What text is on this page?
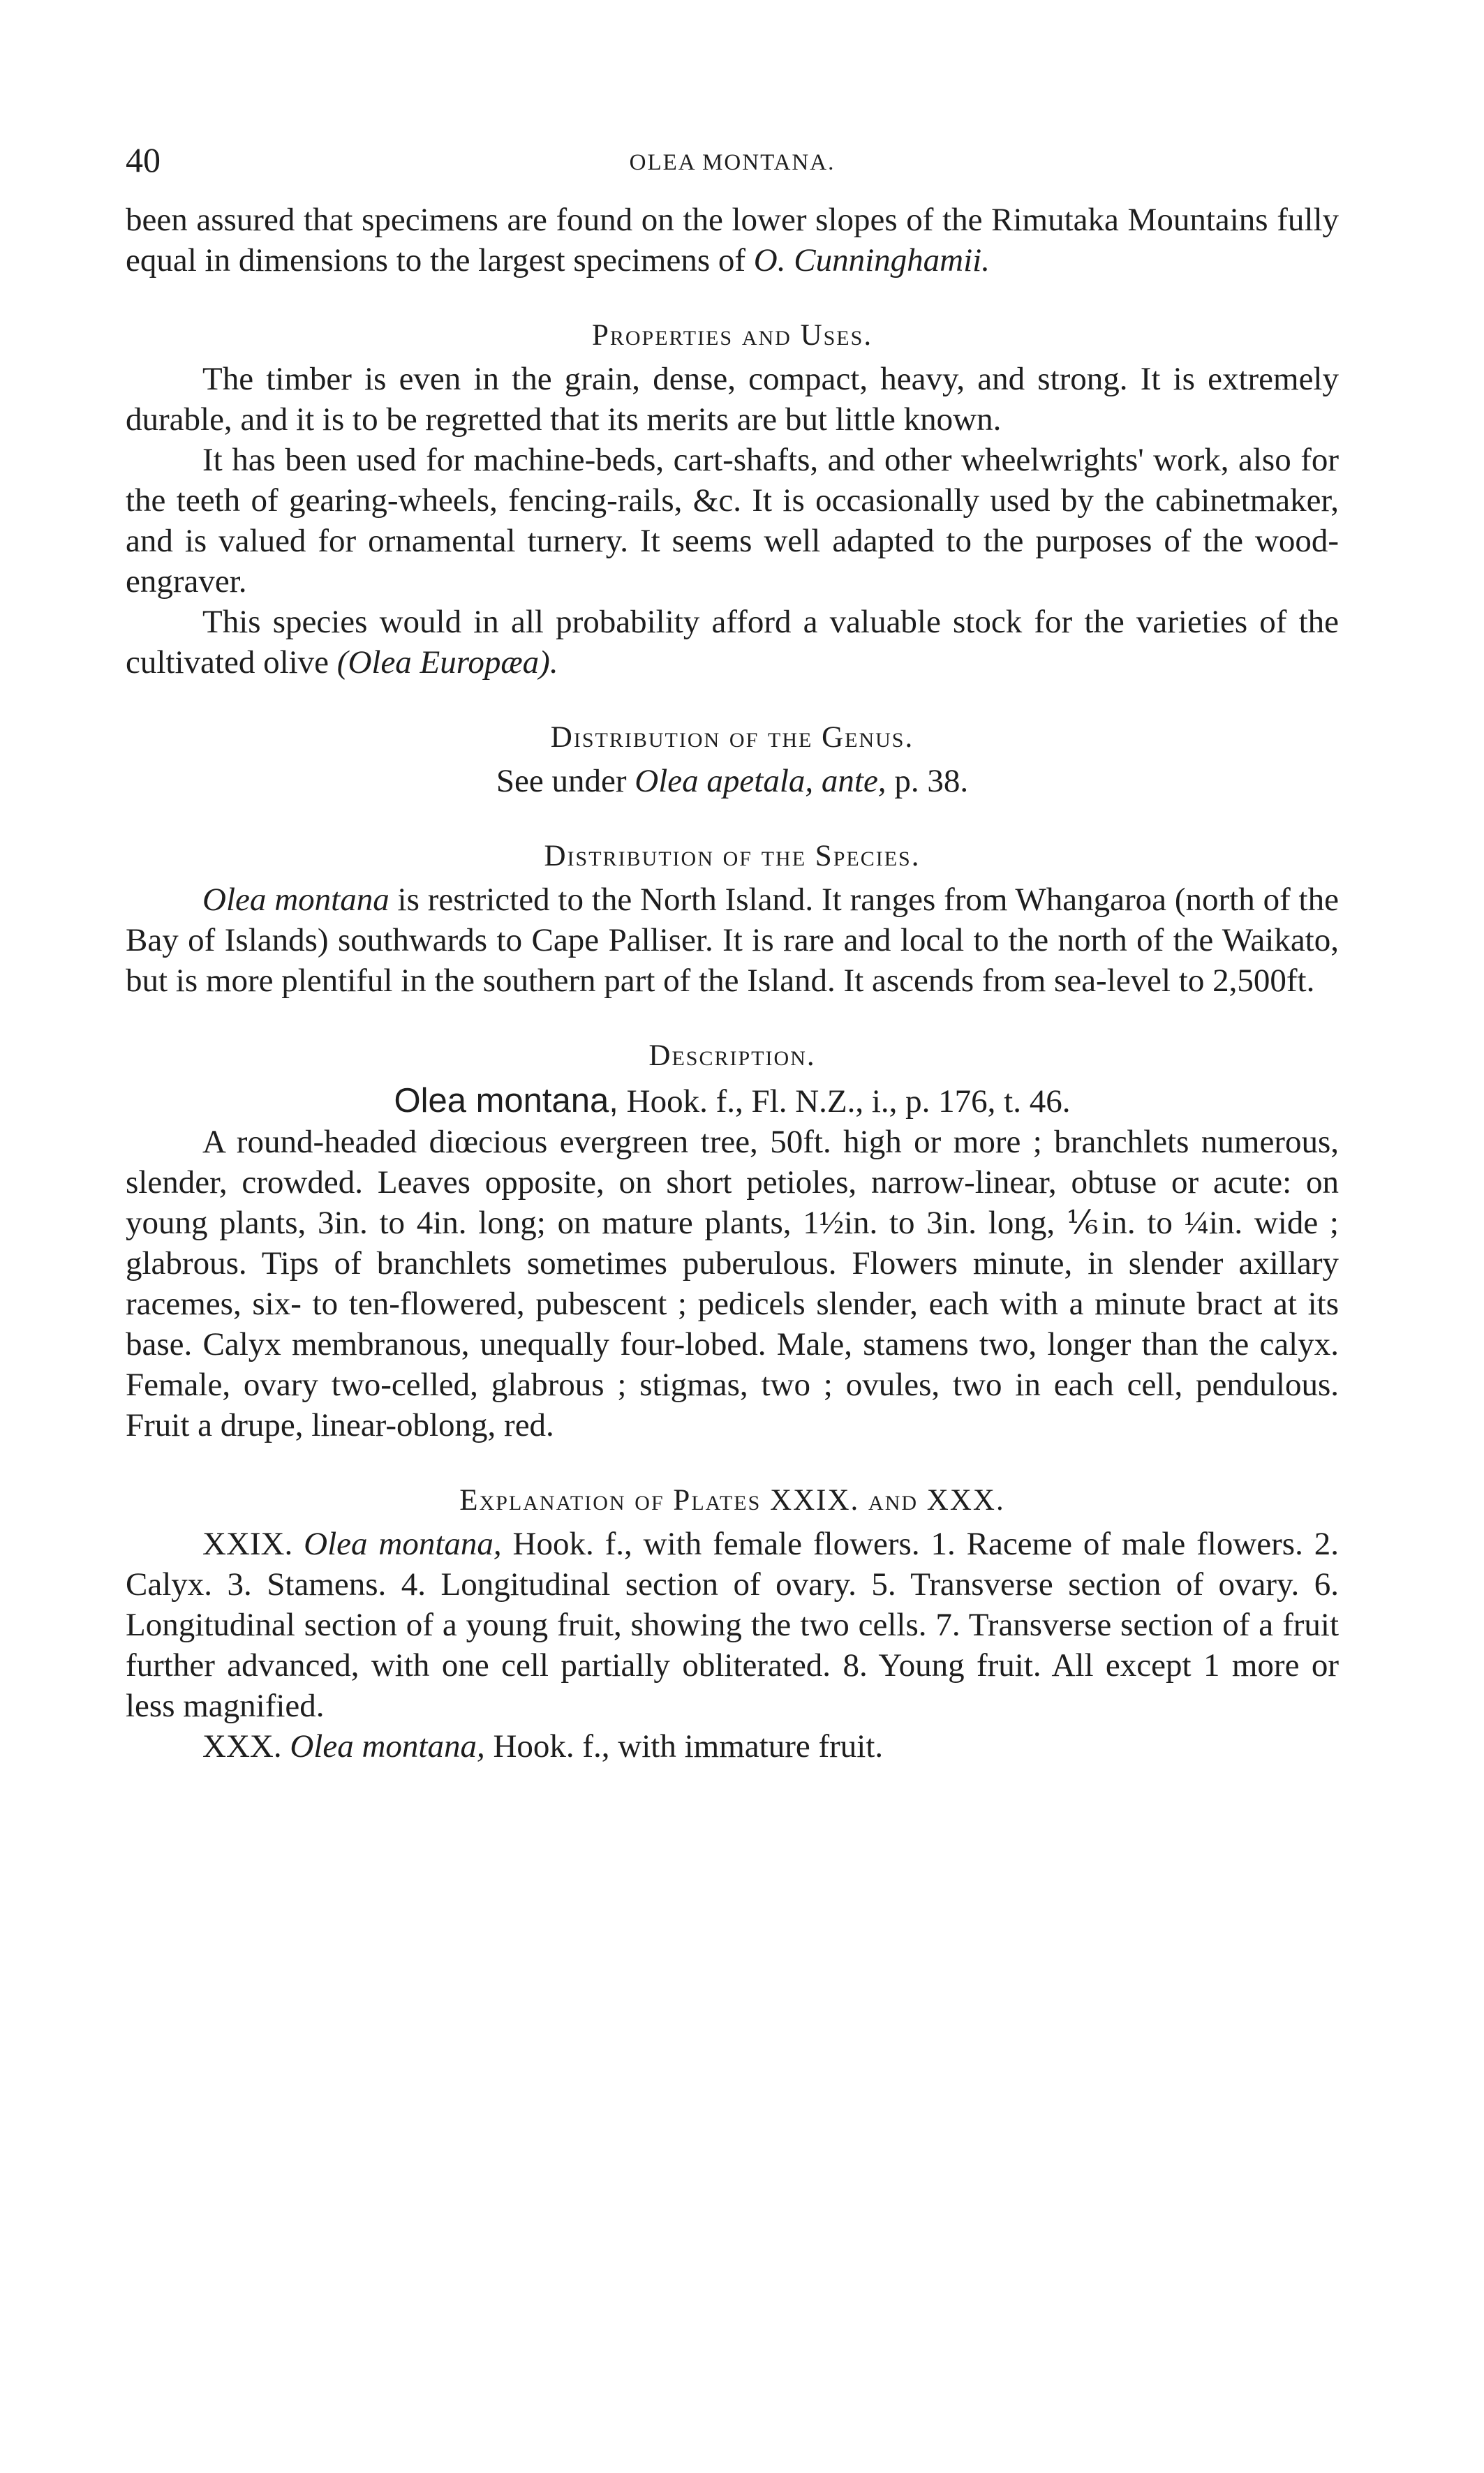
40	OLEA MONTANA.

been assured that specimens are found on the lower slopes of the Rimutaka Mountains fully equal in dimensions to the largest specimens of O. Cunninghamii.

Properties and Uses.

The timber is even in the grain, dense, compact, heavy, and strong. It is extremely durable, and it is to be regretted that its merits are but little known.

It has been used for machine-beds, cart-shafts, and other wheelwrights' work, also for the teeth of gearing-wheels, fencing-rails, &c. It is occasionally used by the cabinetmaker, and is valued for ornamental turnery. It seems well adapted to the purposes of the wood-engraver.

This species would in all probability afford a valuable stock for the varieties of the cultivated olive (Olea Europæa).

Distribution of the Genus.
See under Olea apetala, ante, p. 38.
Distribution of the Species.

Olea montana is restricted to the North Island. It ranges from Whangaroa (north of the Bay of Islands) southwards to Cape Palliser. It is rare and local to the north of the Waikato, but is more plentiful in the southern part of the Island. It ascends from sea-level to 2,500ft.

Description.
Olea montana, Hook. f., Fl. N.Z., i., p. 176, t. 46.

A round-headed diœcious evergreen tree, 50ft. high or more ; branchlets numerous, slender, crowded. Leaves opposite, on short petioles, narrow-linear, obtuse or acute: on young plants, 3in. to 4in. long; on mature plants, 1½in. to 3in. long, ⅙in. to ¼in. wide ; glabrous. Tips of branchlets sometimes puberulous. Flowers minute, in slender axillary racemes, six- to ten-flowered, pubescent ; pedicels slender, each with a minute bract at its base. Calyx membranous, unequally four-lobed. Male, stamens two, longer than the calyx. Female, ovary two-celled, glabrous ; stigmas, two ; ovules, two in each cell, pendulous. Fruit a drupe, linear-oblong, red.

Explanation of Plates XXIX. and XXX.

XXIX. Olea montana, Hook. f., with female flowers. 1. Raceme of male flowers. 2. Calyx. 3. Stamens. 4. Longitudinal section of ovary. 5. Transverse section of ovary. 6. Longitudinal section of a young fruit, showing the two cells. 7. Transverse section of a fruit further advanced, with one cell partially obliterated. 8. Young fruit. All except 1 more or less magnified.

XXX. Olea montana, Hook. f., with immature fruit.
